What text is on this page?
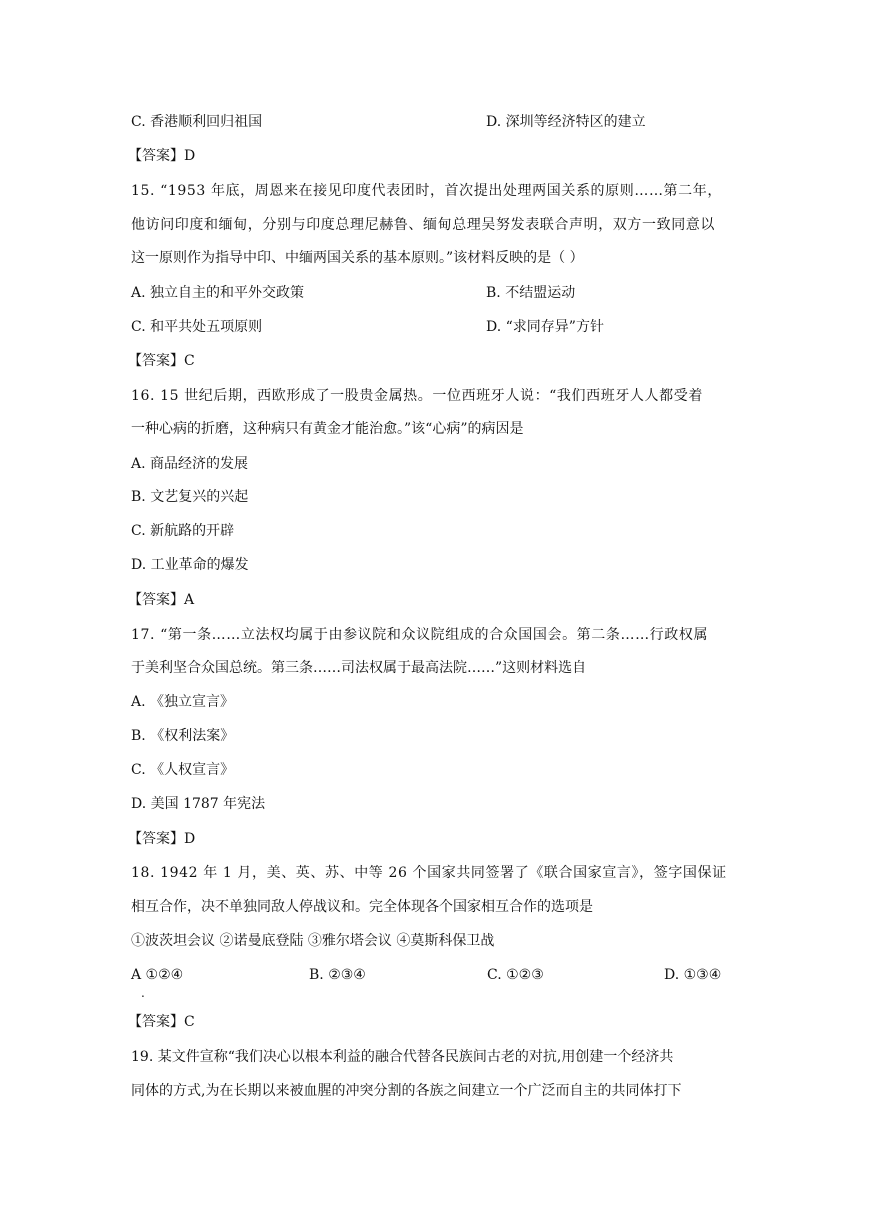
C. 香港顺利回归祖国	D. 深圳等经济特区的建立
【答案】D
15. “1953 年底，周恩来在接见印度代表团时，首次提出处理两国关系的原则……第二年，
他访问印度和缅甸，分别与印度总理尼赫鲁、缅甸总理吴努发表联合声明，双方一致同意以
这一原则作为指导中印、中缅两国关系的基本原则。”该材料反映的是（ ）
A. 独立自主的和平外交政策	B. 不结盟运动
C. 和平共处五项原则	D. “求同存异”方针
【答案】C
16. 15 世纪后期，西欧形成了一股贵金属热。一位西班牙人说：“我们西班牙人人都受着
一种心病的折磨，这种病只有黄金才能治愈。”该“心病”的病因是
A. 商品经济的发展
B. 文艺复兴的兴起
C. 新航路的开辟
D. 工业革命的爆发
【答案】A
17. “第一条……立法权均属于由参议院和众议院组成的合众国国会。第二条……行政权属
于美利坚合众国总统。第三条……司法权属于最高法院……”这则材料选自
A. 《独立宣言》
B. 《权利法案》
C. 《人权宣言》
D. 美国 1787 年宪法
【答案】D
18. 1942 年 1 月，美、英、苏、中等 26 个国家共同签署了《联合国家宣言》，签字国保证
相互合作，决不单独同敌人停战议和。完全体现各个国家相互合作的选项是
①波茨坦会议 ②诺曼底登陆 ③雅尔塔会议 ④莫斯科保卫战
A ①②④
.
B. ②③④	C. ①②③	D. ①③④
【答案】C
19. 某文件宣称“我们决心以根本利益的融合代替各民族间古老的对抗,用创建一个经济共
同体的方式,为在长期以来被血腥的冲突分割的各族之间建立一个广泛而自主的共同体打下
